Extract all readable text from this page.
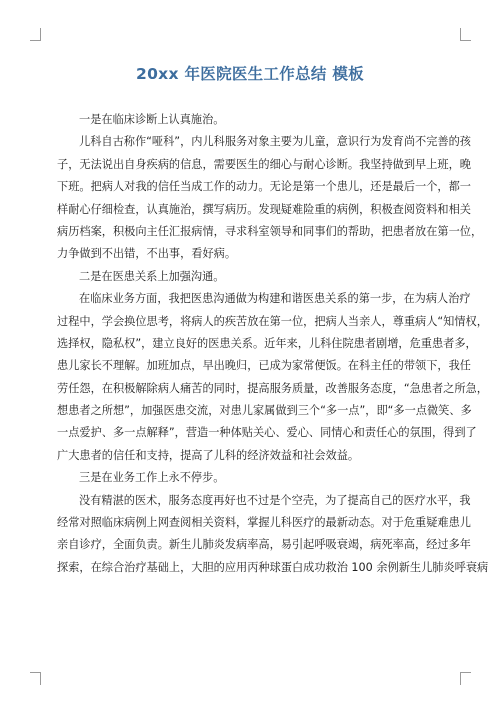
20xx 年医院医生工作总结 模板
一是在临床诊断上认真施治。
儿科自古称作“哑科”，内儿科服务对象主要为儿童，意识行为发育尚不完善的孩
子，无法说出自身疾病的信息，需要医生的细心与耐心诊断。我坚持做到早上班，晚
下班。把病人对我的信任当成工作的动力。无论是第一个患儿，还是最后一个，都一
样耐心仔细检查，认真施治，撰写病历。发现疑难险重的病例，积极查阅资料和相关
病历档案，积极向主任汇报病情，寻求科室领导和同事们的帮助，把患者放在第一位，
力争做到不出错，不出事，看好病。
二是在医患关系上加强沟通。
在临床业务方面，我把医患沟通做为构建和谐医患关系的第一步，在为病人治疗
过程中，学会换位思考，将病人的疾苦放在第一位，把病人当亲人，尊重病人“知情权，
选择权，隐私权”，建立良好的医患关系。近年来，儿科住院患者剧增，危重患者多，
患儿家长不理解。加班加点，早出晚归，已成为家常便饭。在科主任的带领下，我任
劳任怨，在积极解除病人痛苦的同时，提高服务质量，改善服务态度，“急患者之所急，
想患者之所想”，加强医患交流，对患儿家属做到三个“多一点”，即“多一点微笑、多
一点爱护、多一点解释”，营造一种体贴关心、爱心、同情心和责任心的氛围，得到了
广大患者的信任和支持，提高了儿科的经济效益和社会效益。
三是在业务工作上永不停步。
没有精湛的医术，服务态度再好也不过是个空壳，为了提高自己的医疗水平，我
经常对照临床病例上网查阅相关资料，掌握儿科医疗的最新动态。对于危重疑难患儿
亲自诊疗，全面负责。新生儿肺炎发病率高，易引起呼吸衰竭，病死率高，经过多年
探索，在综合治疗基础上，大胆的应用丙种球蛋白成功救治 100 余例新生儿肺炎呼衰病
